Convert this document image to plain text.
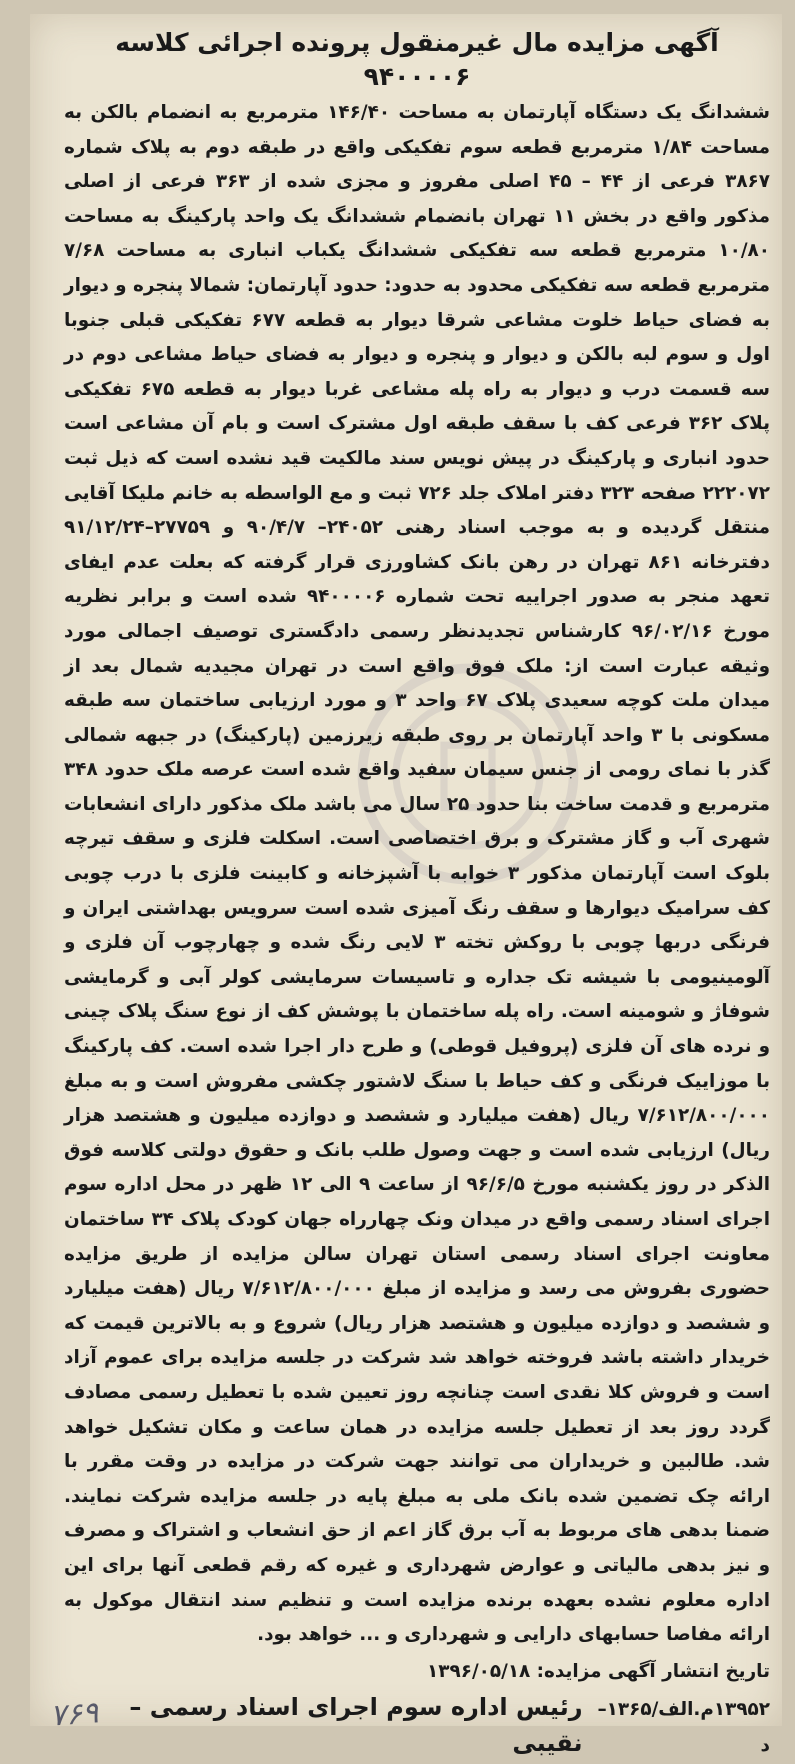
آگهی مزایده مال غیرمنقول پرونده اجرائی کلاسه ۹۴۰۰۰۰۶

ششدانگ یک دستگاه آپارتمان به مساحت ۱۴۶/۴۰ مترمربع به انضمام بالکن به مساحت ۱/۸۴ مترمربع قطعه سوم تفکیکی واقع در طبقه دوم به پلاک شماره ۳۸۶۷ فرعی از ۴۴ – ۴۵ اصلی مفروز و مجزی شده از ۳۶۳ فرعی از اصلی مذکور واقع در بخش ۱۱ تهران بانضمام ششدانگ یک واحد پارکینگ به مساحت ۱۰/۸۰ مترمربع قطعه سه تفکیکی ششدانگ یکباب انباری به مساحت ۷/۶۸ مترمربع قطعه سه تفکیکی محدود به حدود: حدود آپارتمان: شمالا پنجره و دیوار به فضای حیاط خلوت مشاعی شرقا دیوار به قطعه ۶۷۷ تفکیکی قبلی جنوبا اول و سوم لبه بالکن و دیوار و پنجره و دیوار به فضای حیاط مشاعی دوم در سه قسمت درب و دیوار به راه پله مشاعی غربا دیوار به قطعه ۶۷۵ تفکیکی پلاک ۳۶۲ فرعی کف با سقف طبقه اول مشترک است و بام آن مشاعی است حدود انباری و پارکینگ در پیش نویس سند مالکیت قید نشده است که ذیل ثبت ۲۲۲۰۷۲ صفحه ۳۲۳ دفتر املاک جلد ۷۲۶ ثبت و مع الواسطه به خانم ملیکا آقایی منتقل گردیده و به موجب اسناد رهنی ۲۴۰۵۲– ۹۰/۴/۷ و ۲۷۷۵۹–۹۱/۱۲/۲۴ دفترخانه ۸۶۱ تهران در رهن بانک کشاورزی قرار گرفته که بعلت عدم ایفای تعهد منجر به صدور اجراییه تحت شماره ۹۴۰۰۰۰۶ شده است و برابر نظریه مورخ ۹۶/۰۲/۱۶ کارشناس تجدیدنظر رسمی دادگستری توصیف اجمالی مورد وثیقه عبارت است از: ملک فوق واقع است در تهران مجیدیه شمال بعد از میدان ملت کوچه سعیدی پلاک ۶۷ واحد ۳ و مورد ارزیابی ساختمان سه طبقه مسکونی با ۳ واحد آپارتمان بر روی طبقه زیرزمین (پارکینگ) در جبهه شمالی گذر با نمای رومی از جنس سیمان سفید واقع شده است عرصه ملک حدود ۳۴۸ مترمربع و قدمت ساخت بنا حدود ۲۵ سال می باشد ملک مذکور دارای انشعابات شهری آب و گاز مشترک و برق اختصاصی است. اسکلت فلزی و سقف تیرچه بلوک است آپارتمان مذکور ۳ خوابه با آشپزخانه و کابینت فلزی با درب چوبی کف سرامیک دیوارها و سقف رنگ آمیزی شده است سرویس بهداشتی ایران و فرنگی دربها چوبی با روکش تخته ۳ لایی رنگ شده و چهارچوب آن فلزی و آلومینیومی با شیشه تک جداره و تاسیسات سرمایشی کولر آبی و گرمایشی شوفاژ و شومینه است. راه پله ساختمان با پوشش کف از نوع سنگ پلاک چینی و نرده های آن فلزی (پروفیل قوطی) و طرح دار اجرا شده است. کف پارکینگ با موزاییک فرنگی و کف حیاط با سنگ لاشتور چکشی مفروش است و به مبلغ ۷/۶۱۲/۸۰۰/۰۰۰ ریال (هفت میلیارد و ششصد و دوازده میلیون و هشتصد هزار ریال) ارزیابی شده است و جهت وصول طلب بانک و حقوق دولتی کلاسه فوق الذکر در روز یکشنبه مورخ ۹۶/۶/۵ از ساعت ۹ الی ۱۲ ظهر در محل اداره سوم اجرای اسناد رسمی واقع در میدان ونک چهارراه جهان کودک پلاک ۳۴ ساختمان معاونت اجرای اسناد رسمی استان تهران سالن مزایده از طریق مزایده حضوری بفروش می رسد و مزایده از مبلغ ۷/۶۱۲/۸۰۰/۰۰۰ ریال (هفت میلیارد و ششصد و دوازده میلیون و هشتصد هزار ریال) شروع و به بالاترین قیمت که خریدار داشته باشد فروخته خواهد شد شرکت در جلسه مزایده برای عموم آزاد است و فروش کلا نقدی است چنانچه روز تعیین شده با تعطیل رسمی مصادف گردد روز بعد از تعطیل جلسه مزایده در همان ساعت و مکان تشکیل خواهد شد. طالبین و خریداران می توانند جهت شرکت در مزایده در وقت مقرر با ارائه چک تضمین شده بانک ملی به مبلغ پایه در جلسه مزایده شرکت نمایند. ضمنا بدهی های مربوط به آب برق گاز اعم از حق انشعاب و اشتراک و مصرف و نیز بدهی مالیاتی و عوارض شهرداری و غیره که رقم قطعی آنها برای این اداره معلوم نشده بعهده برنده مزایده است و تنظیم سند انتقال موکول به ارائه مفاصا حسابهای دارایی و شهرداری و ... خواهد بود.

تاریخ انتشار آگهی مزایده: ۱۳۹۶/۰۵/۱۸
۱۳۹۵۲م.الف/۱۳۶۵–د
رئیس اداره سوم اجرای اسناد رسمی – نقیبی
۷۶۹
